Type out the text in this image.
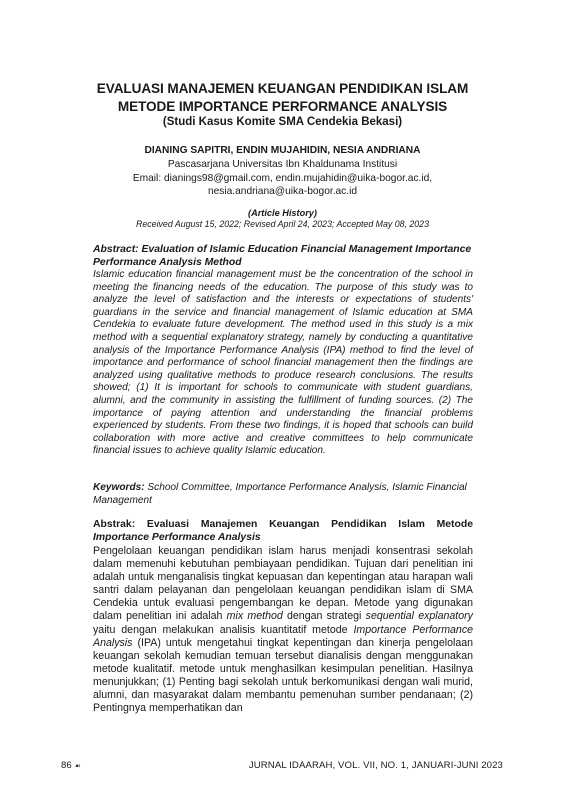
EVALUASI MANAJEMEN KEUANGAN PENDIDIKAN ISLAM
METODE IMPORTANCE PERFORMANCE ANALYSIS
(Studi Kasus Komite SMA Cendekia Bekasi)
DIANING SAPITRI, ENDIN MUJAHIDIN, NESIA ANDRIANA
Pascasarjana Universitas Ibn Khaldunama Institusi
Email: dianings98@gmail.com, endin.mujahidin@uika-bogor.ac.id,
nesia.andriana@uika-bogor.ac.id
(Article History)
Received August 15, 2022; Revised April 24, 2023; Accepted May 08, 2023
Abstract: Evaluation of Islamic Education Financial Management Importance Performance Analysis Method

Islamic education financial management must be the concentration of the school in meeting the financing needs of the education. The purpose of this study was to analyze the level of satisfaction and the interests or expectations of students' guardians in the service and financial management of Islamic education at SMA Cendekia to evaluate future development. The method used in this study is a mix method with a sequential explanatory strategy, namely by conducting a quantitative analysis of the Importance Performance Analysis (IPA) method to find the level of importance and performance of school financial management then the findings are analyzed using qualitative methods to produce research conclusions. The results showed; (1) It is important for schools to communicate with student guardians, alumni, and the community in assisting the fulfillment of funding sources. (2) The importance of paying attention and understanding the financial problems experienced by students. From these two findings, it is hoped that schools can build collaboration with more active and creative committees to help communicate financial issues to achieve quality Islamic education.

Keywords: School Committee, Importance Performance Analysis, Islamic Financial Management
Abstrak: Evaluasi Manajemen Keuangan Pendidikan Islam Metode Importance Performance Analysis

Pengelolaan keuangan pendidikan islam harus menjadi konsentrasi sekolah dalam memenuhi kebutuhan pembiayaan pendidikan. Tujuan dari penelitian ini adalah untuk menganalisis tingkat kepuasan dan kepentingan atau harapan wali santri dalam pelayanan dan pengelolaan keuangan pendidikan islam di SMA Cendekia untuk evaluasi pengembangan ke depan. Metode yang digunakan dalam penelitian ini adalah mix method dengan strategi sequential explanatory yaitu dengan melakukan analisis kuantitatif metode Importance Performance Analysis (IPA) untuk mengetahui tingkat kepentingan dan kinerja pengelolaan keuangan sekolah kemudian temuan tersebut dianalisis dengan menggunakan metode kualitatif. metode untuk menghasilkan kesimpulan penelitian. Hasilnya menunjukkan; (1) Penting bagi sekolah untuk berkomunikasi dengan wali murid, alumni, dan masyarakat dalam membantu pemenuhan sumber pendanaan; (2) Pentingnya memperhatikan dan

86 ☙	JURNAL IDAARAH, VOL. VII, NO. 1, JANUARI-JUNI 2023
